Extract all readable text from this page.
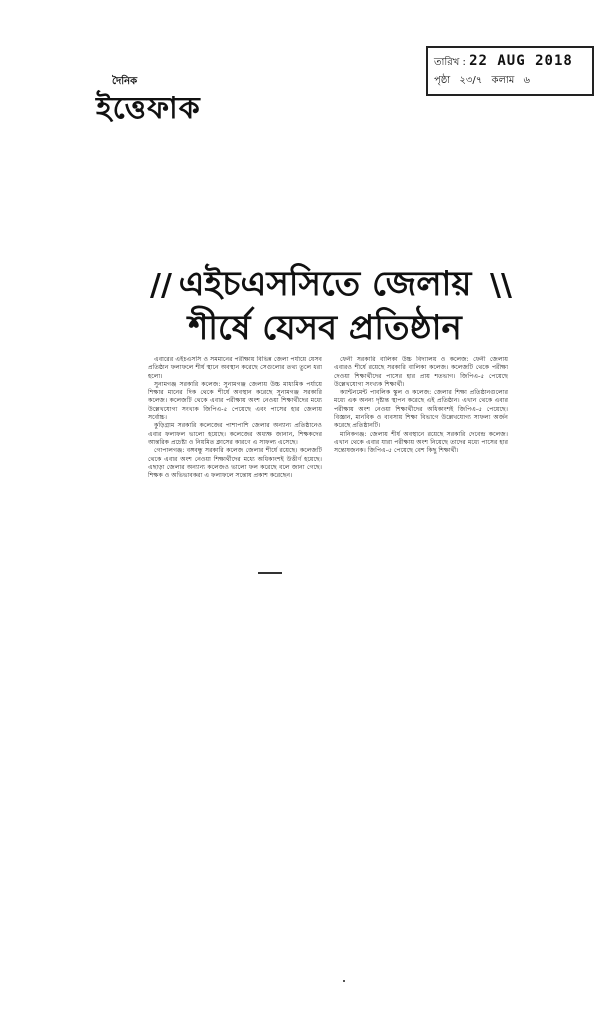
তারিখ : 22 AUG 2018
পৃষ্ঠা ২৩/৭ কলাম ৬
দৈনিক
ইত্তেফাক
//	\\
এইচএসসিতে জেলায়
শীর্ষে যেসব প্রতিষ্ঠান

এবারের এইচএসসি ও সমমানের পরীক্ষায় বিভিন্ন জেলা পর্যায়ে যেসব প্রতিষ্ঠান ফলাফলে শীর্ষ স্থানে অবস্থান করেছে সেগুলোর তথ্য তুলে ধরা হলো।

সুনামগঞ্জ সরকারি কলেজ: সুনামগঞ্জ জেলায় উচ্চ মাধ্যমিক পর্যায়ে শিক্ষার মানের দিক থেকে শীর্ষে অবস্থান করেছে সুনামগঞ্জ সরকারি কলেজ। কলেজটি থেকে এবার পরীক্ষায় অংশ নেওয়া শিক্ষার্থীদের মধ্যে উল্লেখযোগ্য সংখ্যক জিপিএ-৫ পেয়েছে এবং পাসের হার জেলায় সর্বোচ্চ।

কুড়িগ্রাম সরকারি কলেজের পাশাপাশি জেলার অন্যান্য প্রতিষ্ঠানেও এবার ফলাফল ভালো হয়েছে। কলেজের অধ্যক্ষ জানান, শিক্ষকদের আন্তরিক প্রচেষ্টা ও নিয়মিত ক্লাসের কারণে এ সাফল্য এসেছে।

গোপালগঞ্জ: বঙ্গবন্ধু সরকারি কলেজ জেলার শীর্ষে রয়েছে। কলেজটি থেকে এবার অংশ নেওয়া শিক্ষার্থীদের মধ্যে অধিকাংশই উত্তীর্ণ হয়েছে। এছাড়া জেলার অন্যান্য কলেজও ভালো ফল করেছে বলে জানা গেছে। শিক্ষক ও অভিভাবকরা এ ফলাফলে সন্তোষ প্রকাশ করেছেন।

ফেনী সরকারি বালিকা উচ্চ বিদ্যালয় ও কলেজ: ফেনী জেলায় এবারও শীর্ষে রয়েছে সরকারি বালিকা কলেজ। কলেজটি থেকে পরীক্ষা দেওয়া শিক্ষার্থীদের পাসের হার প্রায় শতভাগ। জিপিএ-৫ পেয়েছে উল্লেখযোগ্য সংখ্যক শিক্ষার্থী।

ক্যান্টনমেন্ট পাবলিক স্কুল ও কলেজ: জেলার শিক্ষা প্রতিষ্ঠানগুলোর মধ্যে এক অনন্য দৃষ্টান্ত স্থাপন করেছে এই প্রতিষ্ঠান। এখান থেকে এবার পরীক্ষায় অংশ নেওয়া শিক্ষার্থীদের অধিকাংশই জিপিএ-৫ পেয়েছে। বিজ্ঞান, মানবিক ও ব্যবসায় শিক্ষা বিভাগে উল্লেখযোগ্য সাফল্য অর্জন করেছে প্রতিষ্ঠানটি।

মানিকগঞ্জ: জেলায় শীর্ষ অবস্থানে রয়েছে সরকারি দেবেন্দ্র কলেজ। এখান থেকে এবার যারা পরীক্ষায় অংশ নিয়েছে তাদের মধ্যে পাসের হার সন্তোষজনক। জিপিএ-৫ পেয়েছে বেশ কিছু শিক্ষার্থী।
